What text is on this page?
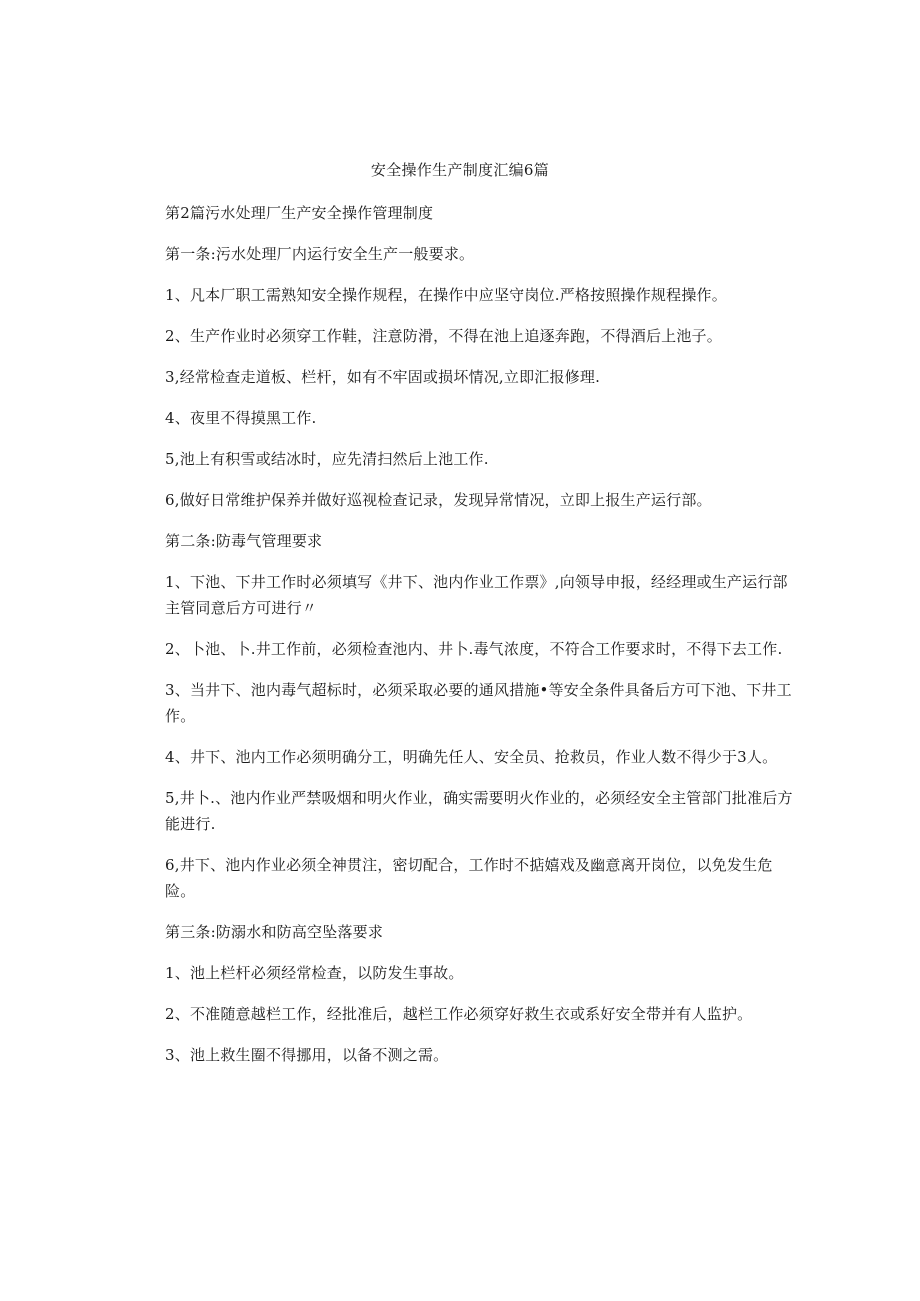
安全操作生产制度汇编6篇

第2篇污水处理厂生产安全操作管理制度

第一条:污水处理厂内运行安全生产一般要求。

1、凡本厂职工需熟知安全操作规程，在操作中应坚守岗位.严格按照操作规程操作。

2、生产作业时必须穿工作鞋，注意防滑，不得在池上追逐奔跑，不得酒后上池子。

3,经常检查走道板、栏杆，如有不牢固或损坏情况,立即汇报修理.

4、夜里不得摸黑工作.

5,池上有积雪或结冰时，应先清扫然后上池工作.

6,做好日常维护保养并做好巡视检查记录，发现异常情况，立即上报生产运行部。

第二条:防毒气管理要求

1、下池、下井工作时必须填写《井下、池内作业工作票》,向领导申报，经经理或生产运行部主管同意后方可进行〃

2、卜池、卜.井工作前，必须检查池内、井卜.毒气浓度，不符合工作要求时，不得下去工作.

3、当井下、池内毒气超标时，必须采取必要的通风措施•等安全条件具备后方可下池、下井工作。

4、井下、池内工作必须明确分工，明确先任人、安全员、抢救员，作业人数不得少于3人。

5,井卜.、池内作业严禁吸烟和明火作业，确实需要明火作业的，必须经安全主管部门批准后方能进行.

6,井下、池内作业必须全神贯注，密切配合，工作时不掂嬉戏及幽意离开岗位，以免发生危险。

第三条:防溺水和防高空坠落要求

1、池上栏杆必须经常检查，以防发生事故。

2、不准随意越栏工作，经批准后，越栏工作必须穿好救生衣或系好安全带并有人监护。

3、池上救生圈不得挪用，以备不测之需。
